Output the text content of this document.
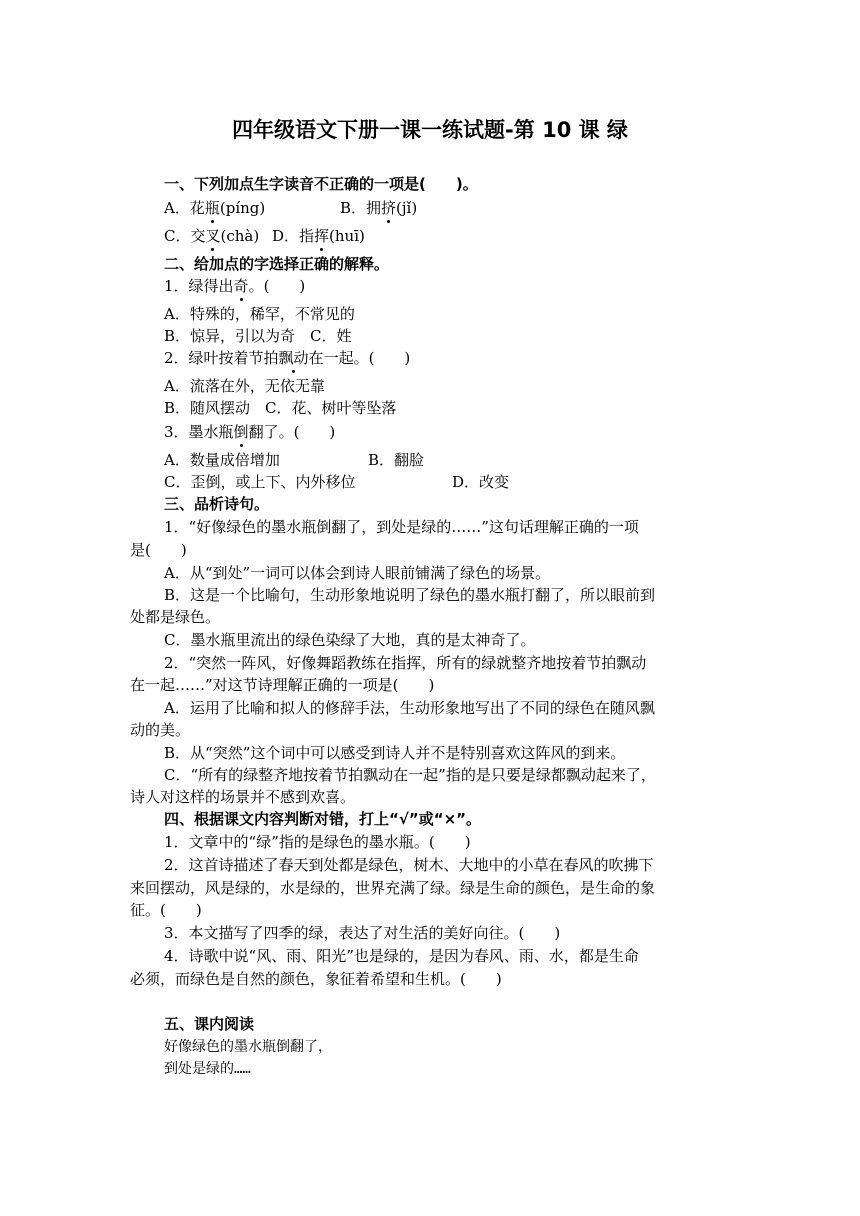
四年级语文下册一课一练试题-第 10 课 绿

一、下列加点生字读音不正确的一项是(　　)。

A．花瓶(píng)	B．拥挤(jǐ)

C．交叉(chà) D．指挥(huī)

二、给加点的字选择正确的解释。

1．绿得出奇。(　　)

A．特殊的，稀罕，不常见的

B．惊异，引以为奇　C．姓

2．绿叶按着节拍飘动在一起。(　　)

A．流落在外，无依无靠

B．随风摆动　C．花、树叶等坠落

3．墨水瓶倒翻了。(　　)

A．数量成倍增加	B．翻脸

C．歪倒，或上下、内外移位	D．改变

三、品析诗句。

1．“好像绿色的墨水瓶倒翻了，到处是绿的……”这句话理解正确的一项

是(　　)

A．从“到处”一词可以体会到诗人眼前铺满了绿色的场景。

B．这是一个比喻句，生动形象地说明了绿色的墨水瓶打翻了，所以眼前到

处都是绿色。

C．墨水瓶里流出的绿色染绿了大地，真的是太神奇了。

2．“突然一阵风，好像舞蹈教练在指挥，所有的绿就整齐地按着节拍飘动

在一起……”对这节诗理解正确的一项是(　　)

A．运用了比喻和拟人的修辞手法，生动形象地写出了不同的绿色在随风飘

动的美。

B．从“突然”这个词中可以感受到诗人并不是特别喜欢这阵风的到来。

C．“所有的绿整齐地按着节拍飘动在一起”指的是只要是绿都飘动起来了，

诗人对这样的场景并不感到欢喜。

四、根据课文内容判断对错，打上“√”或“×”。

1．文章中的“绿”指的是绿色的墨水瓶。(　　)

2．这首诗描述了春天到处都是绿色，树木、大地中的小草在春风的吹拂下

来回摆动，风是绿的，水是绿的，世界充满了绿。绿是生命的颜色，是生命的象

征。(　　)

3．本文描写了四季的绿，表达了对生活的美好向往。(　　)

4．诗歌中说“风、雨、阳光”也是绿的，是因为春风、雨、水，都是生命

必须，而绿色是自然的颜色，象征着希望和生机。(　　)

五、课内阅读

好像绿色的墨水瓶倒翻了，

到处是绿的……
